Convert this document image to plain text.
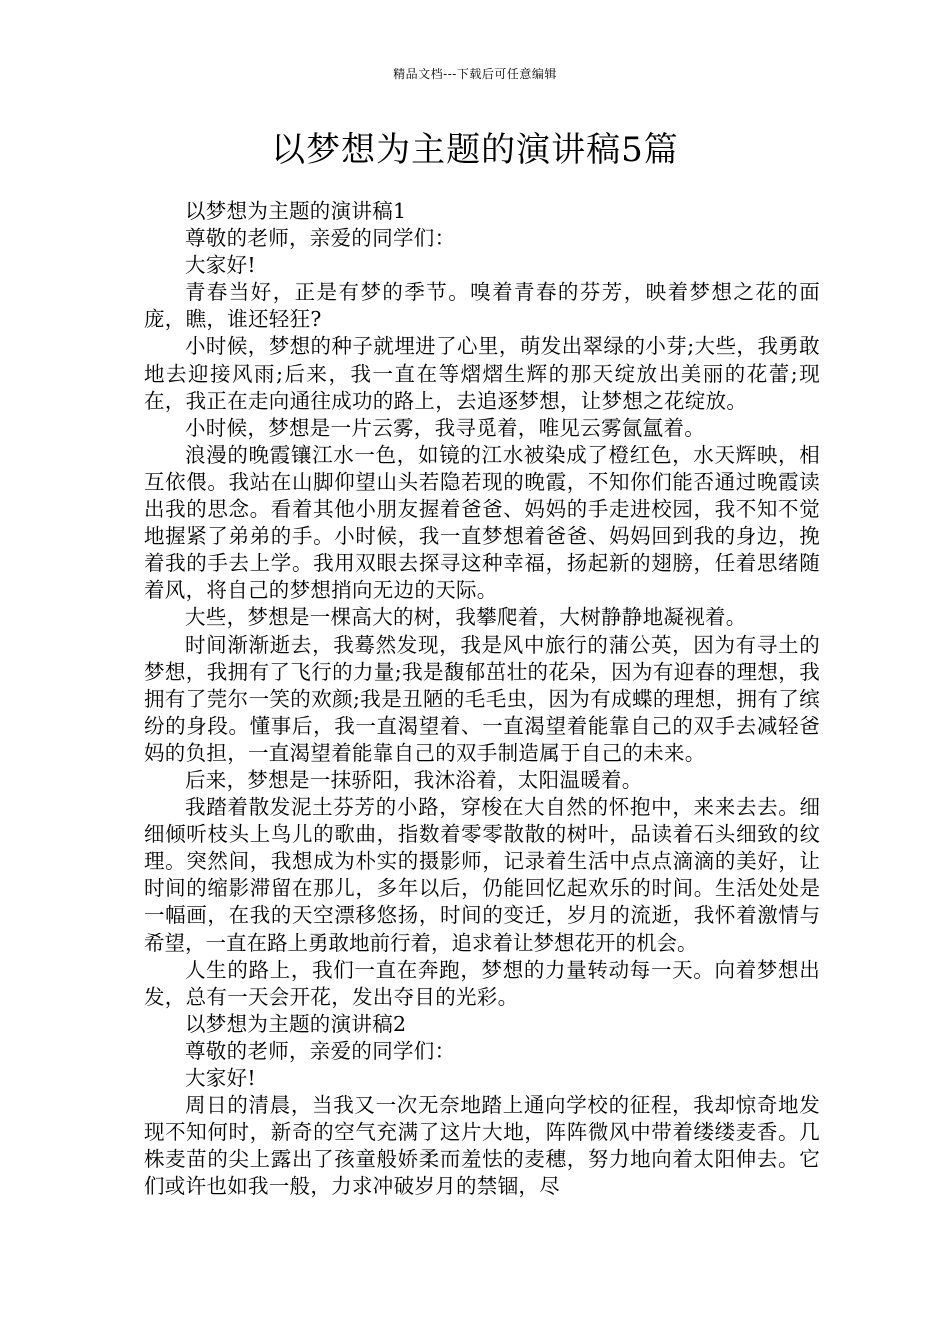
精品文档---下载后可任意编辑
以梦想为主题的演讲稿5篇

以梦想为主题的演讲稿1

尊敬的老师，亲爱的同学们：

大家好!

青春当好，正是有梦的季节。嗅着青春的芬芳，映着梦想之花的面庞，瞧，谁还轻狂?

小时候，梦想的种子就埋进了心里，萌发出翠绿的小芽;大些，我勇敢地去迎接风雨;后来，我一直在等熠熠生辉的那天绽放出美丽的花蕾;现在，我正在走向通往成功的路上，去追逐梦想，让梦想之花绽放。

小时候，梦想是一片云雾，我寻觅着，唯见云雾氤氲着。

浪漫的晚霞镶江水一色，如镜的江水被染成了橙红色，水天辉映，相互依偎。我站在山脚仰望山头若隐若现的晚霞，不知你们能否通过晚霞读出我的思念。看着其他小朋友握着爸爸、妈妈的手走进校园，我不知不觉地握紧了弟弟的手。小时候，我一直梦想着爸爸、妈妈回到我的身边，挽着我的手去上学。我用双眼去探寻这种幸福，扬起新的翅膀，任着思绪随着风，将自己的梦想捎向无边的天际。

大些，梦想是一棵高大的树，我攀爬着，大树静静地凝视着。

时间渐渐逝去，我蓦然发现，我是风中旅行的蒲公英，因为有寻土的梦想，我拥有了飞行的力量;我是馥郁茁壮的花朵，因为有迎春的理想，我拥有了莞尔一笑的欢颜;我是丑陋的毛毛虫，因为有成蝶的理想，拥有了缤纷的身段。懂事后，我一直渴望着、一直渴望着能靠自己的双手去减轻爸妈的负担，一直渴望着能靠自己的双手制造属于自己的未来。

后来，梦想是一抹骄阳，我沐浴着，太阳温暖着。

我踏着散发泥土芬芳的小路，穿梭在大自然的怀抱中，来来去去。细细倾听枝头上鸟儿的歌曲，指数着零零散散的树叶，品读着石头细致的纹理。突然间，我想成为朴实的摄影师，记录着生活中点点滴滴的美好，让时间的缩影滞留在那儿，多年以后，仍能回忆起欢乐的时间。生活处处是一幅画，在我的天空漂移悠扬，时间的变迁，岁月的流逝，我怀着激情与希望，一直在路上勇敢地前行着，追求着让梦想花开的机会。

人生的路上，我们一直在奔跑，梦想的力量转动每一天。向着梦想出发，总有一天会开花，发出夺目的光彩。

以梦想为主题的演讲稿2

尊敬的老师，亲爱的同学们：

大家好!

周日的清晨，当我又一次无奈地踏上通向学校的征程，我却惊奇地发现不知何时，新奇的空气充满了这片大地，阵阵微风中带着缕缕麦香。几株麦苗的尖上露出了孩童般娇柔而羞怯的麦穗，努力地向着太阳伸去。它们或许也如我一般，力求冲破岁月的禁锢，尽
